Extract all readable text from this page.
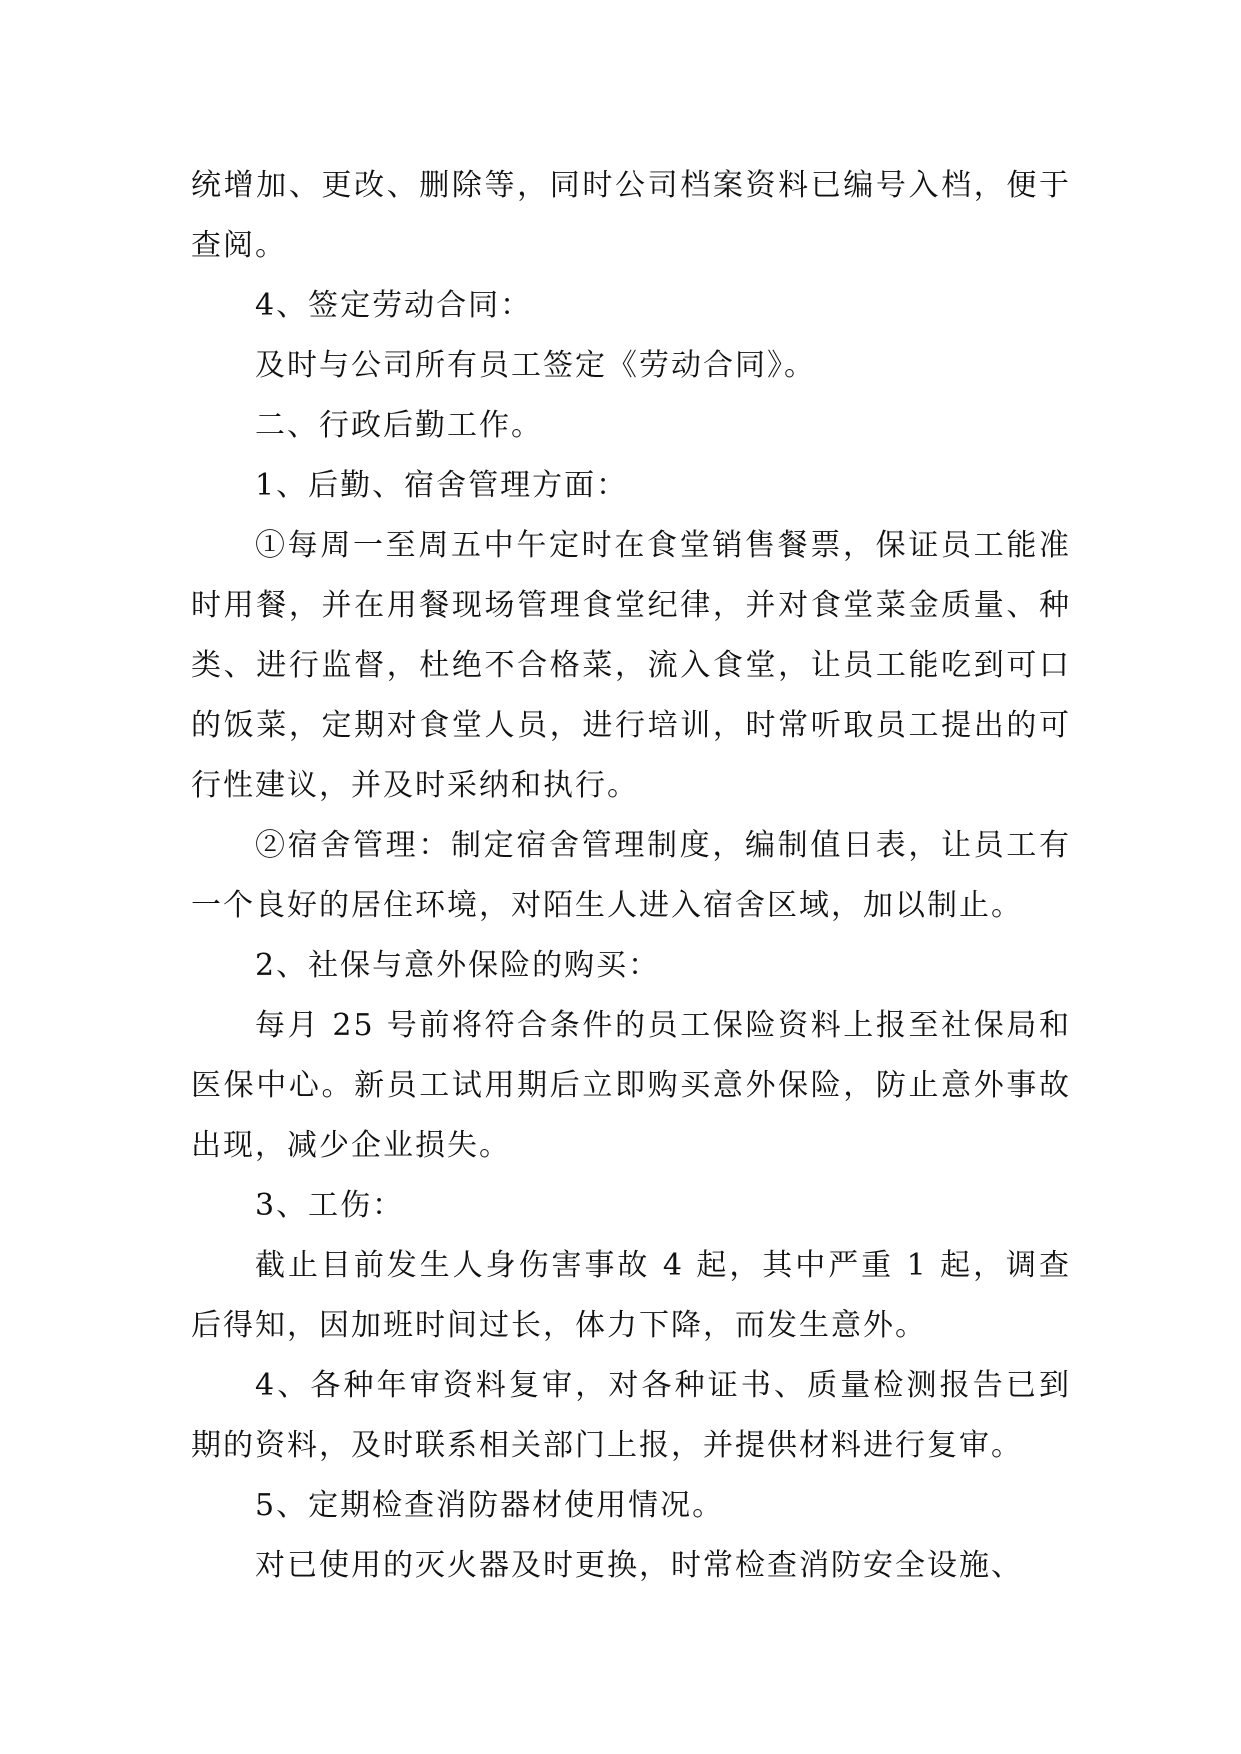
统增加、更改、删除等，同时公司档案资料已编号入档，便于查阅。

4、签定劳动合同：

及时与公司所有员工签定《劳动合同》。

二、行政后勤工作。

1、后勤、宿舍管理方面：

①每周一至周五中午定时在食堂销售餐票，保证员工能准时用餐，并在用餐现场管理食堂纪律，并对食堂菜金质量、种类、进行监督，杜绝不合格菜，流入食堂，让员工能吃到可口的饭菜，定期对食堂人员，进行培训，时常听取员工提出的可行性建议，并及时采纳和执行。

②宿舍管理：制定宿舍管理制度，编制值日表，让员工有一个良好的居住环境，对陌生人进入宿舍区域，加以制止。

2、社保与意外保险的购买：

每月 25 号前将符合条件的员工保险资料上报至社保局和医保中心。新员工试用期后立即购买意外保险，防止意外事故出现，减少企业损失。

3、工伤：

截止目前发生人身伤害事故 4 起，其中严重 1 起，调查后得知，因加班时间过长，体力下降，而发生意外。

4、各种年审资料复审，对各种证书、质量检测报告已到期的资料，及时联系相关部门上报，并提供材料进行复审。

5、定期检查消防器材使用情况。

对已使用的灭火器及时更换，时常检查消防安全设施、
